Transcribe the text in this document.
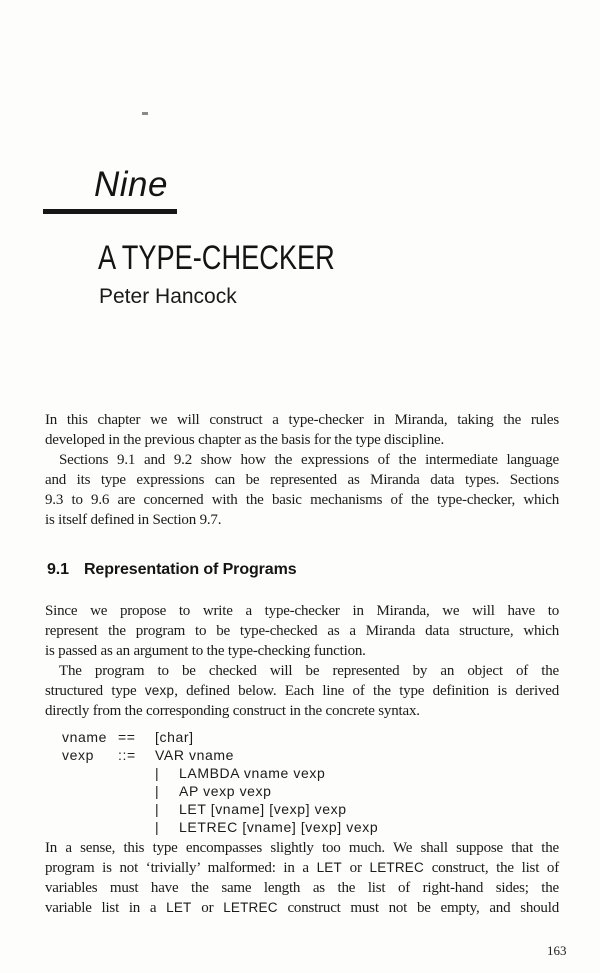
Nine
A TYPE-CHECKER
Peter Hancock
In this chapter we will construct a type-checker in Miranda, taking the rules
developed in the previous chapter as the basis for the type discipline.
Sections 9.1 and 9.2 show how the expressions of the intermediate language
and its type expressions can be represented as Miranda data types. Sections
9.3 to 9.6 are concerned with the basic mechanisms of the type-checker, which
is itself defined in Section 9.7.
9.1 Representation of Programs
Since we propose to write a type-checker in Miranda, we will have to
represent the program to be type-checked as a Miranda data structure, which
is passed as an argument to the type-checking function.
The program to be checked will be represented by an object of the
structured type vexp, defined below. Each line of the type definition is derived
directly from the corresponding construct in the concrete syntax.
vname ==	[char]
vexp	::=	VAR vname
|	LAMBDA vname vexp
|	AP vexp vexp
|	LET [vname] [vexp] vexp
|	LETREC [vname] [vexp] vexp
In a sense, this type encompasses slightly too much. We shall suppose that the
program is not ‘trivially’ malformed: in a LET or LETREC construct, the list of
variables must have the same length as the list of right-hand sides; the
variable list in a LET or LETREC construct must not be empty, and should
163
